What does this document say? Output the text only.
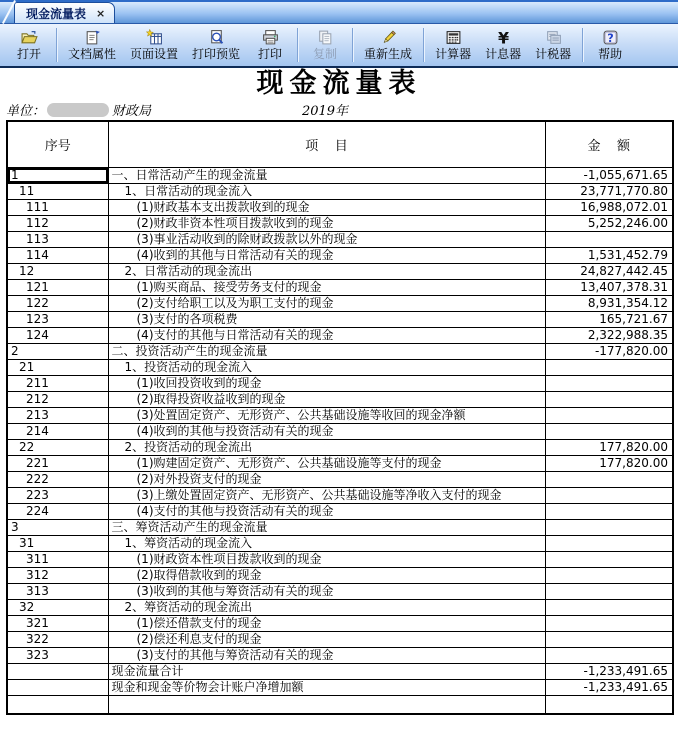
现金流量表 ×
打开 文档属性 页面设置 打印预览 打印	复制 重新生成 计算器
¥
计息器 计税器
?
帮助
现金流量表
单位：	财政局	2019年
序号	项    目	金    额
1	一、日常活动产生的现金流量	-1,055,671.65
11	1、日常活动的现金流入	23,771,770.80
111	(1)财政基本支出拨款收到的现金	16,988,072.01
112	(2)财政非资本性项目拨款收到的现金	5,252,246.00
113	(3)事业活动收到的除财政拨款以外的现金	
114	(4)收到的其他与日常活动有关的现金	1,531,452.79
12	2、日常活动的现金流出	24,827,442.45
121	(1)购买商品、接受劳务支付的现金	13,407,378.31
122	(2)支付给职工以及为职工支付的现金	8,931,354.12
123	(3)支付的各项税费	165,721.67
124	(4)支付的其他与日常活动有关的现金	2,322,988.35
2	二、投资活动产生的现金流量	-177,820.00
21	1、投资活动的现金流入	
211	(1)收回投资收到的现金	
212	(2)取得投资收益收到的现金	
213	(3)处置固定资产、无形资产、公共基础设施等收回的现金净额	
214	(4)收到的其他与投资活动有关的现金	
22	2、投资活动的现金流出	177,820.00
221	(1)购建固定资产、无形资产、公共基础设施等支付的现金	177,820.00
222	(2)对外投资支付的现金	
223	(3)上缴处置固定资产、无形资产、公共基础设施等净收入支付的现金	
224	(4)支付的其他与投资活动有关的现金	
3	三、筹资活动产生的现金流量	
31	1、筹资活动的现金流入	
311	(1)财政资本性项目拨款收到的现金	
312	(2)取得借款收到的现金	
313	(3)收到的其他与筹资活动有关的现金	
32	2、筹资活动的现金流出	
321	(1)偿还借款支付的现金	
322	(2)偿还利息支付的现金	
323	(3)支付的其他与筹资活动有关的现金	
	现金流量合计	-1,233,491.65
	现金和现金等价物会计账户净增加额	-1,233,491.65
